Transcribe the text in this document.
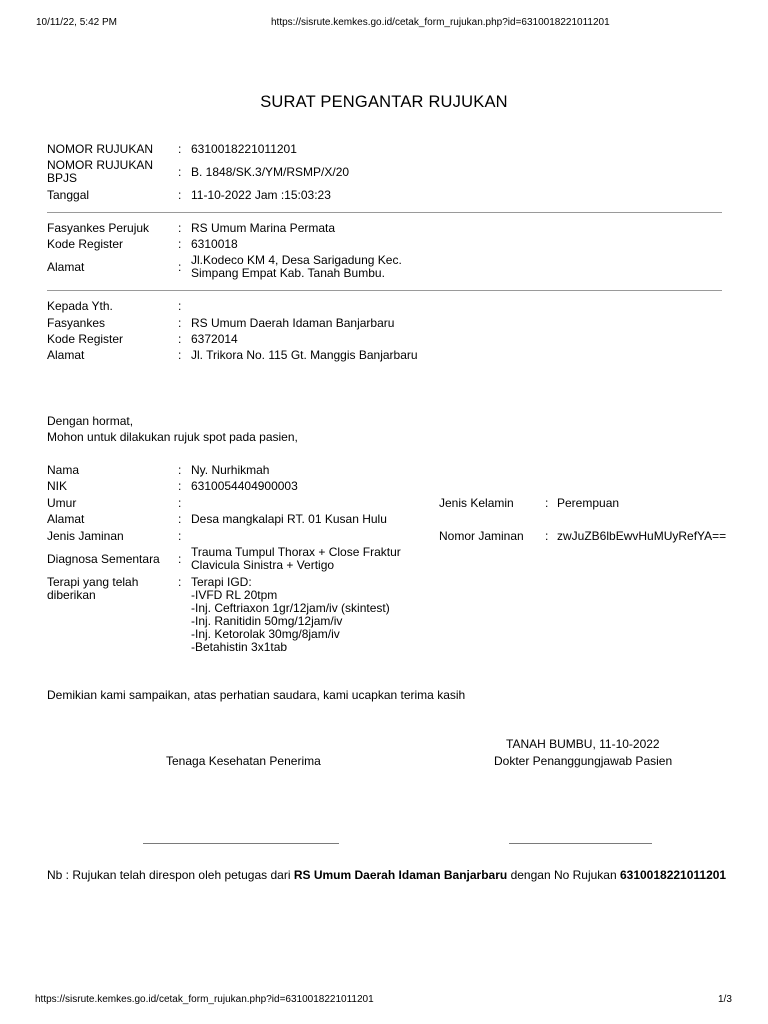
10/11/22, 5:42 PM	https://sisrute.kemkes.go.id/cetak_form_rujukan.php?id=6310018221011201
SURAT PENGANTAR RUJUKAN
NOMOR RUJUKAN : 6310018221011201
NOMOR RUJUKAN
BPJS	: B. 1848/SK.3/YM/RSMP/X/20
Tanggal	: 11-10-2022 Jam :15:03:23
Fasyankes Perujuk : RS Umum Marina Permata
Kode Register	: 6310018
Alamat	: Jl.Kodeco KM 4, Desa Sarigadung Kec.
Simpang Empat Kab. Tanah Bumbu.
Kepada Yth.	:
Fasyankes	: RS Umum Daerah Idaman Banjarbaru
Kode Register	: 6372014
Alamat	: Jl. Trikora No. 115 Gt. Manggis Banjarbaru
Dengan hormat,
Mohon untuk dilakukan rujuk spot pada pasien,
Nama	: Ny. Nurhikmah
NIK	: 6310054404900003
Umur	:	Jenis Kelamin	: Perempuan
Alamat	: Desa mangkalapi RT. 01 Kusan Hulu
Jenis Jaminan	:	Nomor Jaminan : zwJuZB6lbEwvHuMUyRefYA==
Diagnosa Sementara : Trauma Tumpul Thorax + Close Fraktur
Clavicula Sinistra + Vertigo
Terapi yang telah
diberikan
: Terapi IGD:
-IVFD RL 20tpm
-Inj. Ceftriaxon 1gr/12jam/iv (skintest)
-Inj. Ranitidin 50mg/12jam/iv
-Inj. Ketorolak 30mg/8jam/iv
-Betahistin 3x1tab
Demikian kami sampaikan, atas perhatian saudara, kami ucapkan terima kasih
TANAH BUMBU, 11-10-2022
Tenaga Kesehatan Penerima	Dokter Penanggungjawab Pasien
Nb : Rujukan telah direspon oleh petugas dari RS Umum Daerah Idaman Banjarbaru dengan No Rujukan 6310018221011201
https://sisrute.kemkes.go.id/cetak_form_rujukan.php?id=6310018221011201	1/3
